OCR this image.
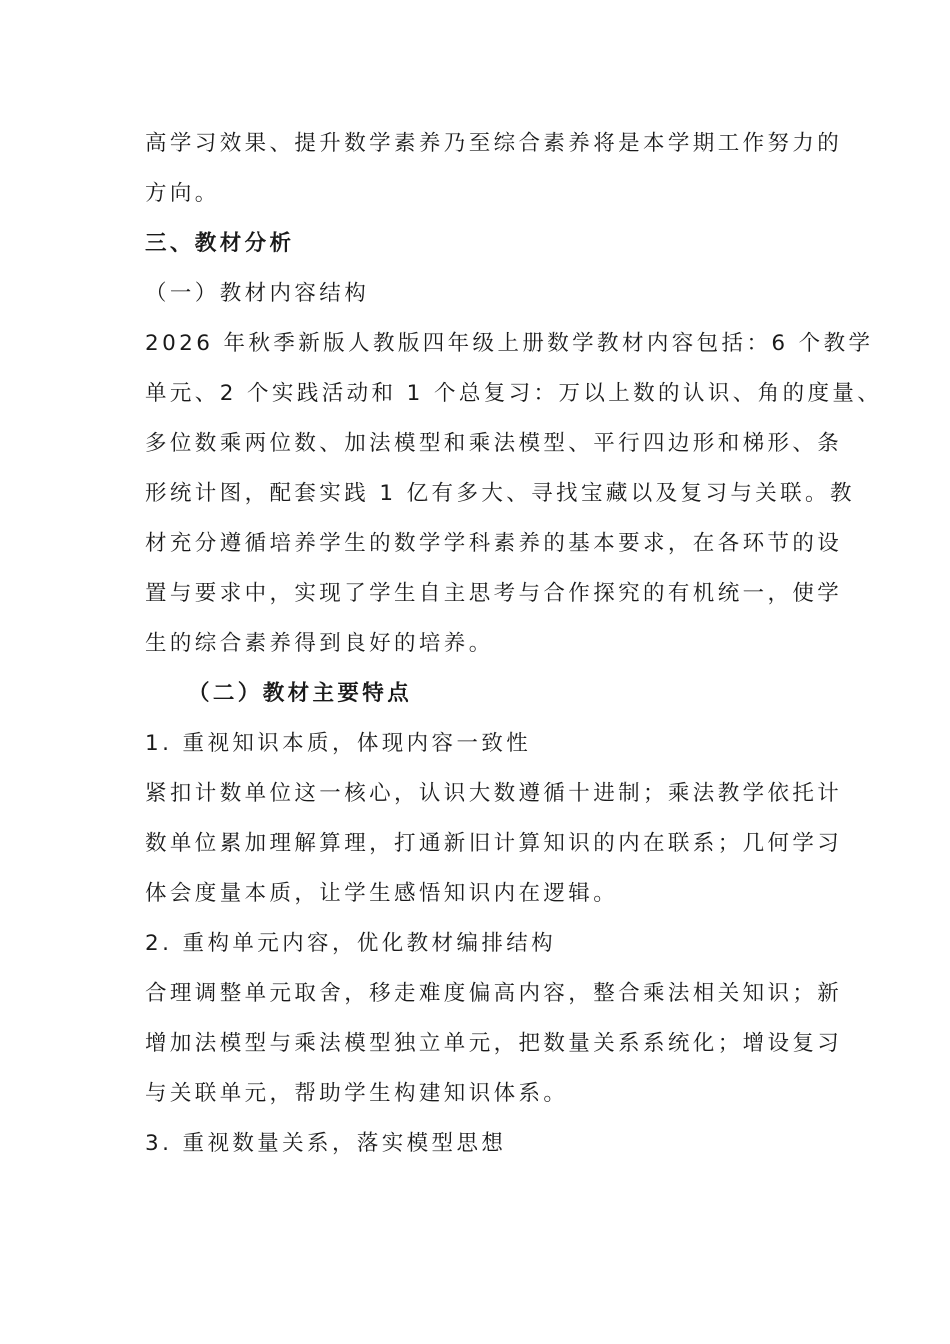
高学习效果、提升数学素养乃至综合素养将是本学期工作努力的
方向。
三、教材分析
（一）教材内容结构
2026 年秋季新版人教版四年级上册数学教材内容包括：6 个教学
单元、2 个实践活动和 1 个总复习：万以上数的认识、角的度量、
多位数乘两位数、加法模型和乘法模型、平行四边形和梯形、条
形统计图，配套实践 1 亿有多大、寻找宝藏以及复习与关联。教
材充分遵循培养学生的数学学科素养的基本要求，在各环节的设
置与要求中，实现了学生自主思考与合作探究的有机统一，使学
生的综合素养得到良好的培养。
（二）教材主要特点
1. 重视知识本质，体现内容一致性
紧扣计数单位这一核心，认识大数遵循十进制；乘法教学依托计
数单位累加理解算理，打通新旧计算知识的内在联系；几何学习
体会度量本质，让学生感悟知识内在逻辑。
2. 重构单元内容，优化教材编排结构
合理调整单元取舍，移走难度偏高内容，整合乘法相关知识；新
增加法模型与乘法模型独立单元，把数量关系系统化；增设复习
与关联单元，帮助学生构建知识体系。
3. 重视数量关系，落实模型思想
